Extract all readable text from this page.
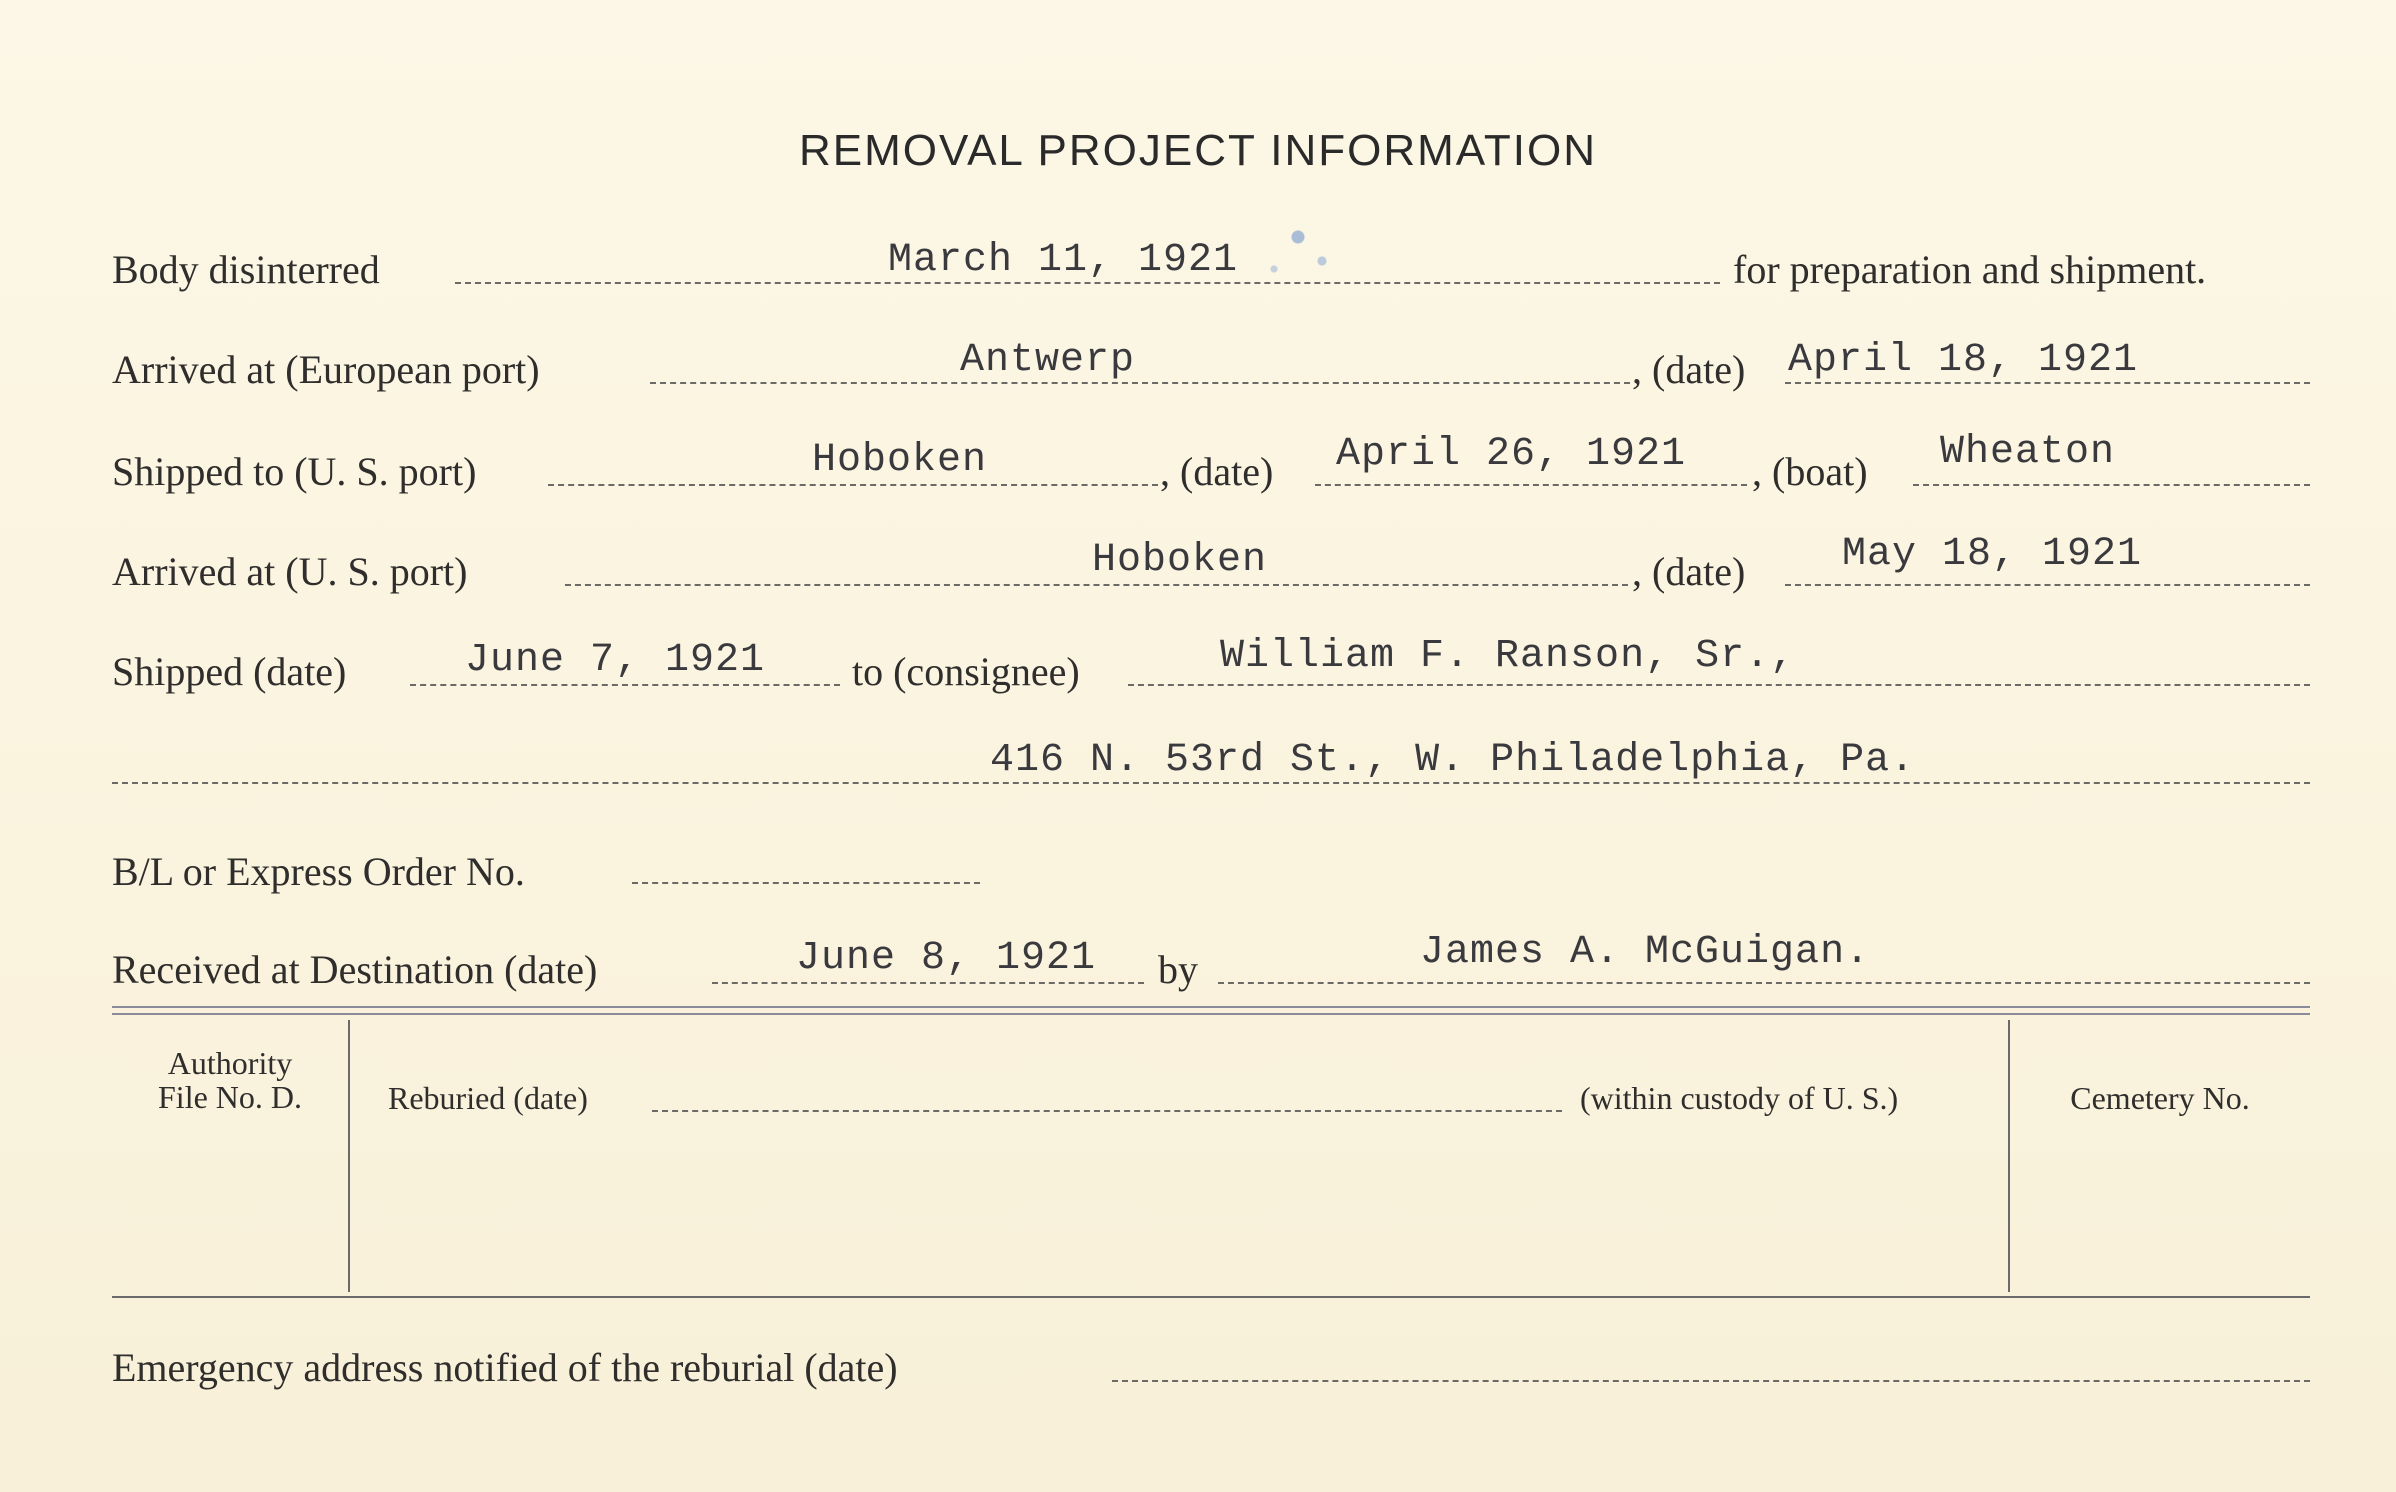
REMOVAL PROJECT INFORMATION
Body disinterred	March 11, 1921	for preparation and shipment.
Arrived at (European port)	Antwerp	, (date) April 18, 1921
Shipped to (U. S. port)	Hoboken	, (date) April 26, 1921 , (boat) Wheaton
Arrived at (U. S. port)	Hoboken	, (date) May 18, 1921
Shipped (date)	June 7, 1921 to (consignee)	William F. Ranson, Sr.,
416 N. 53rd St., W. Philadelphia, Pa.
B/L or Express Order No.
Received at Destination (date)	June 8, 1921 by	James A. McGuigan.
Authority
File No. D.	Reburied (date)	(within custody of U. S.)	Cemetery No.
Emergency address notified of the reburial (date)
